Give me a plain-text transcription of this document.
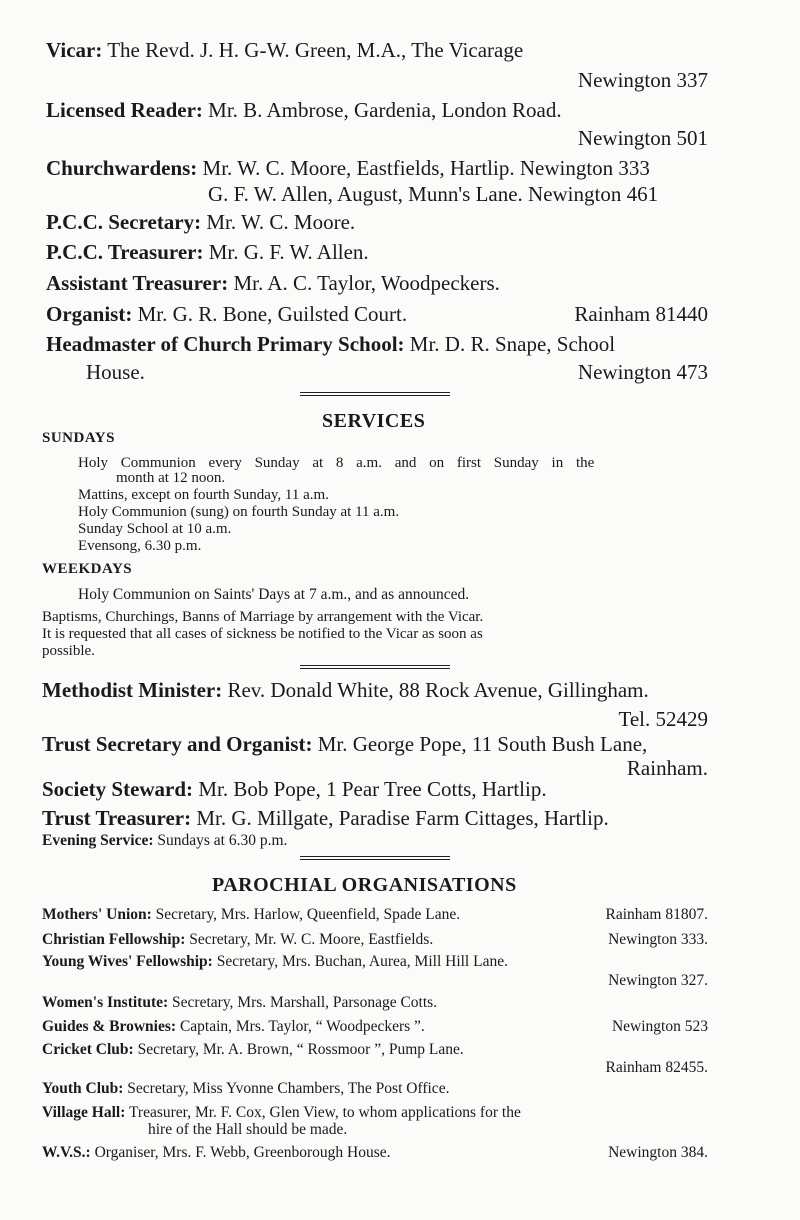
Vicar: The Revd. J. H. G-W. Green, M.A., The Vicarage
Newington 337
Licensed Reader: Mr. B. Ambrose, Gardenia, London Road.
Newington 501
Churchwardens: Mr. W. C. Moore, Eastfields, Hartlip. Newington 333
G. F. W. Allen, August, Munn's Lane. Newington 461
P.C.C. Secretary: Mr. W. C. Moore.
P.C.C. Treasurer: Mr. G. F. W. Allen.
Assistant Treasurer: Mr. A. C. Taylor, Woodpeckers.
Organist: Mr. G. R. Bone, Guilsted Court.	Rainham 81440
Headmaster of Church Primary School: Mr. D. R. Snape, School
House.	Newington 473
SERVICES
SUNDAYS
Holy Communion every Sunday at 8 a.m. and on first Sunday in the
month at 12 noon.
Mattins, except on fourth Sunday, 11 a.m.
Holy Communion (sung) on fourth Sunday at 11 a.m.
Sunday School at 10 a.m.
Evensong, 6.30 p.m.
WEEKDAYS
Holy Communion on Saints' Days at 7 a.m., and as announced.
Baptisms, Churchings, Banns of Marriage by arrangement with the Vicar.
It is requested that all cases of sickness be notified to the Vicar as soon as
possible.
Methodist Minister: Rev. Donald White, 88 Rock Avenue, Gillingham.
Tel. 52429
Trust Secretary and Organist: Mr. George Pope, 11 South Bush Lane,
Rainham.
Society Steward: Mr. Bob Pope, 1 Pear Tree Cotts, Hartlip.
Trust Treasurer: Mr. G. Millgate, Paradise Farm Cittages, Hartlip.
Evening Service: Sundays at 6.30 p.m.
PAROCHIAL ORGANISATIONS
Mothers' Union: Secretary, Mrs. Harlow, Queenfield, Spade Lane.	Rainham 81807.
Christian Fellowship: Secretary, Mr. W. C. Moore, Eastfields.	Newington 333.
Young Wives' Fellowship: Secretary, Mrs. Buchan, Aurea, Mill Hill Lane.
Newington 327.
Women's Institute: Secretary, Mrs. Marshall, Parsonage Cotts.
Guides & Brownies: Captain, Mrs. Taylor, “ Woodpeckers ”.	Newington 523
Cricket Club: Secretary, Mr. A. Brown, “ Rossmoor ”, Pump Lane.
Rainham 82455.
Youth Club: Secretary, Miss Yvonne Chambers, The Post Office.
Village Hall: Treasurer, Mr. F. Cox, Glen View, to whom applications for the
hire of the Hall should be made.
W.V.S.: Organiser, Mrs. F. Webb, Greenborough House.	Newington 384.
